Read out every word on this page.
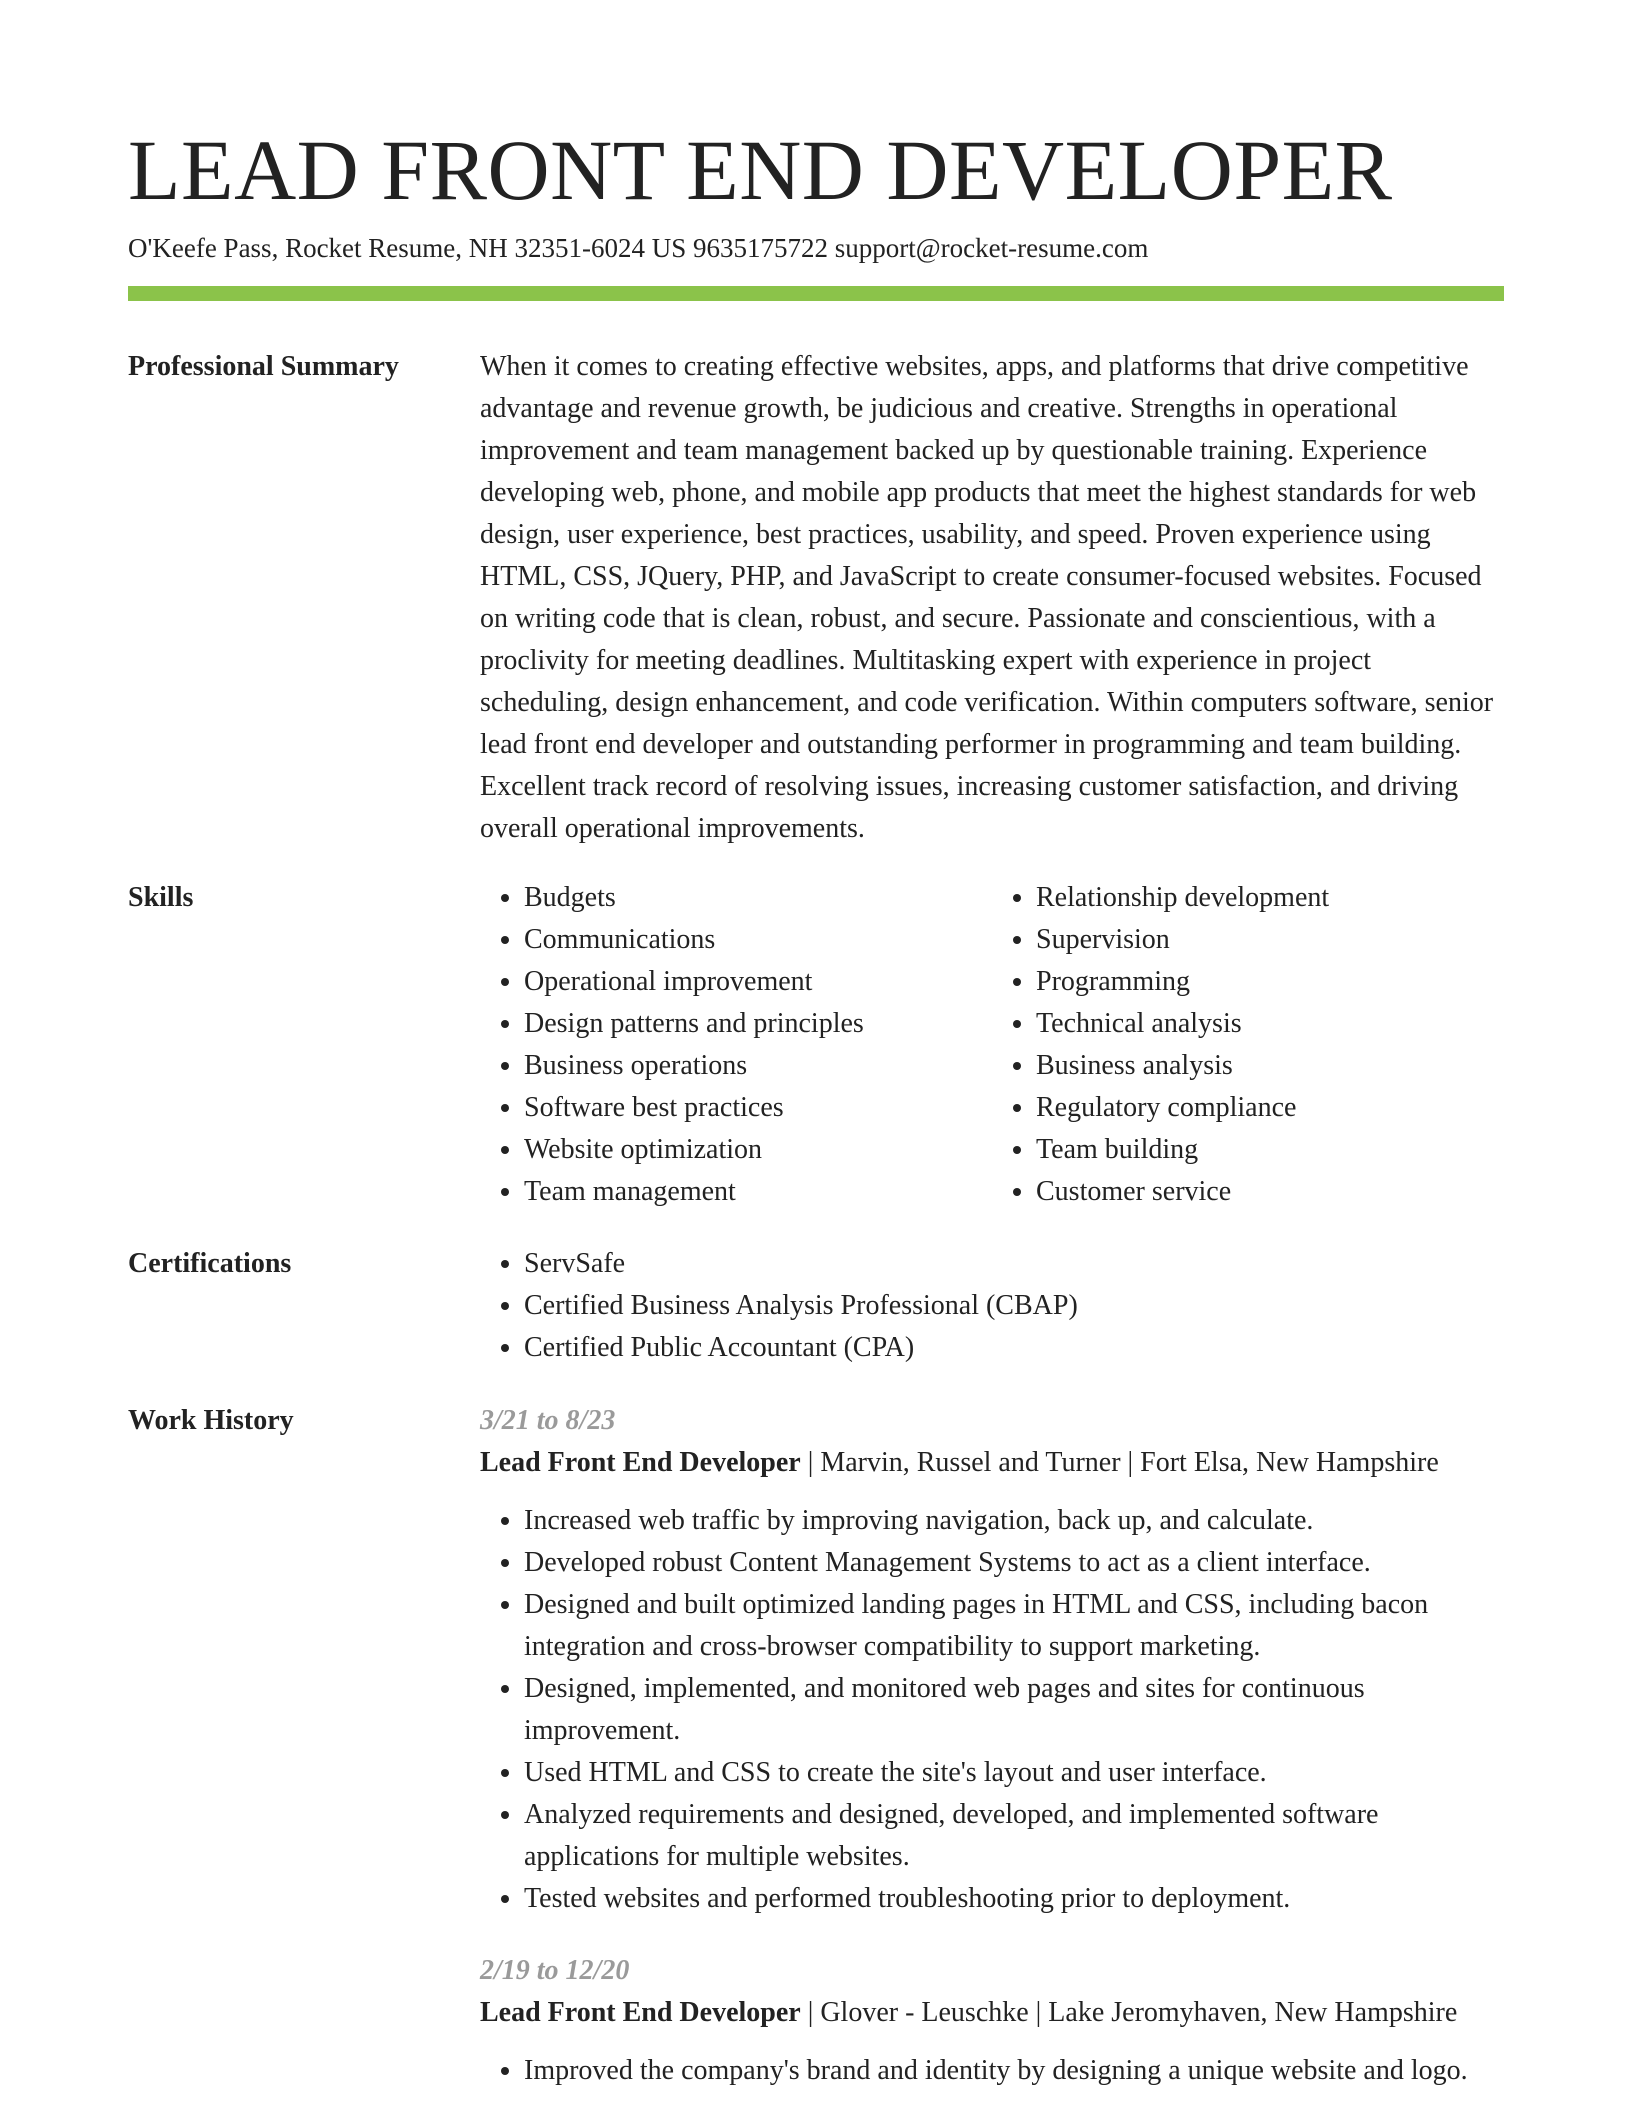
LEAD FRONT END DEVELOPER
O'Keefe Pass, Rocket Resume, NH 32351-6024 US 9635175722 support@rocket-resume.com
Professional Summary	When it comes to creating effective websites, apps, and platforms that drive competitive advantage and revenue growth, be judicious and creative. Strengths in operational improvement and team management backed up by questionable training. Experience developing web, phone, and mobile app products that meet the highest standards for web design, user experience, best practices, usability, and speed. Proven experience using HTML, CSS, JQuery, PHP, and JavaScript to create consumer-focused websites. Focused on writing code that is clean, robust, and secure. Passionate and conscientious, with a proclivity for meeting deadlines. Multitasking expert with experience in project scheduling, design enhancement, and code verification. Within computers software, senior lead front end developer and outstanding performer in programming and team building. Excellent track record of resolving issues, increasing customer satisfaction, and driving overall operational improvements.

Skills	• Budgets
• Communications
• Operational improvement
• Design patterns and principles
• Business operations
• Software best practices
• Website optimization
• Team management
• Relationship development
• Supervision
• Programming
• Technical analysis
• Business analysis
• Regulatory compliance
• Team building
• Customer service
Certifications	• ServSafe
• Certified Business Analysis Professional (CBAP)
• Certified Public Accountant (CPA)
Work History	3/21 to 8/23
Lead Front End Developer | Marvin, Russel and Turner | Fort Elsa, New Hampshire
• Increased web traffic by improving navigation, back up, and calculate.
• Developed robust Content Management Systems to act as a client interface.
• Designed and built optimized landing pages in HTML and CSS, including bacon integration and cross-browser compatibility to support marketing.
• Designed, implemented, and monitored web pages and sites for continuous improvement.
• Used HTML and CSS to create the site's layout and user interface.
• Analyzed requirements and designed, developed, and implemented software applications for multiple websites.
• Tested websites and performed troubleshooting prior to deployment.
2/19 to 12/20
Lead Front End Developer | Glover - Leuschke | Lake Jeromyhaven, New Hampshire
• Improved the company's brand and identity by designing a unique website and logo.
